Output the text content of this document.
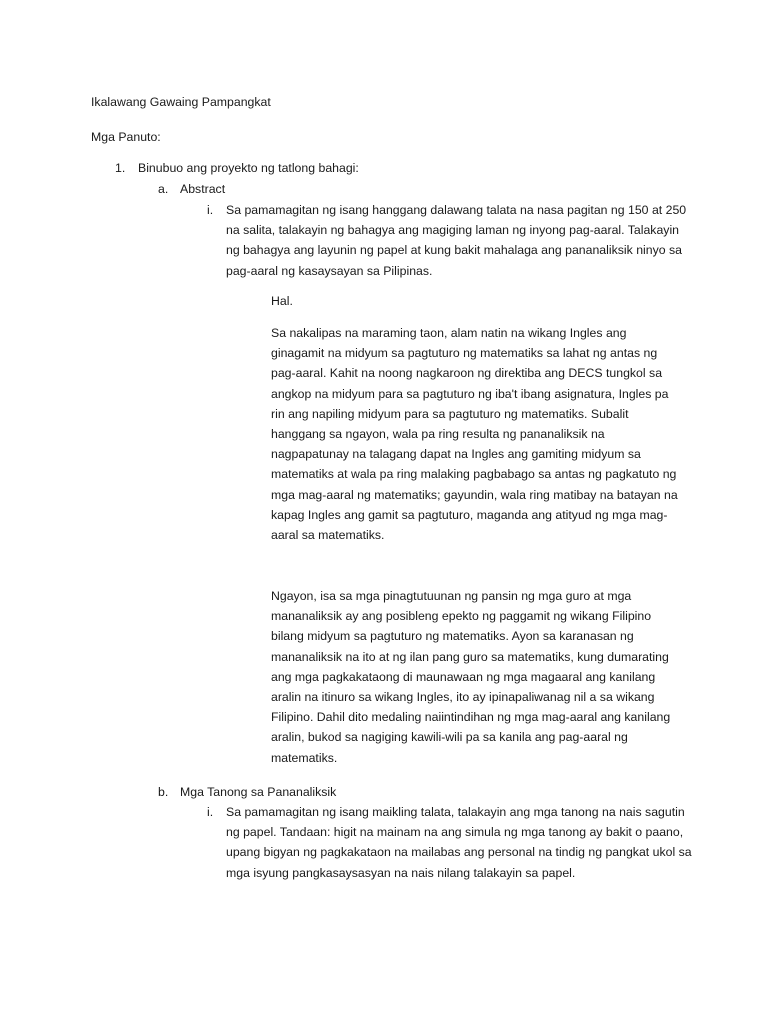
Ikalawang Gawaing Pampangkat
Mga Panuto:
1. Binubuo ang proyekto ng tatlong bahagi:
a. Abstract
i. Sa pamamagitan ng isang hanggang dalawang talata na nasa pagitan ng 150 at 250 na salita, talakayin ng bahagya ang magiging laman ng inyong pag-aaral. Talakayin ng bahagya ang layunin ng papel at kung bakit mahalaga ang pananaliksik ninyo sa pag-aaral ng kasaysayan sa Pilipinas.

Hal.

Sa nakalipas na maraming taon, alam natin na wikang Ingles ang ginagamit na midyum sa pagtuturo ng matematiks sa lahat ng antas ng pag-aaral. Kahit na noong nagkaroon ng direktiba ang DECS tungkol sa angkop na midyum para sa pagtuturo ng iba't ibang asignatura, Ingles pa rin ang napiling midyum para sa pagtuturo ng matematiks. Subalit hanggang sa ngayon, wala pa ring resulta ng pananaliksik na nagpapatunay na talagang dapat na Ingles ang gamiting midyum sa matematiks at wala pa ring malaking pagbabago sa antas ng pagkatuto ng mga mag-aaral ng matematiks; gayundin, wala ring matibay na batayan na kapag Ingles ang gamit sa pagtuturo, maganda ang atityud ng mga mag-aaral sa matematiks.

Ngayon, isa sa mga pinagtutuunan ng pansin ng mga guro at mga mananaliksik ay ang posibleng epekto ng paggamit ng wikang Filipino bilang midyum sa pagtuturo ng matematiks. Ayon sa karanasan ng mananaliksik na ito at ng ilan pang guro sa matematiks, kung dumarating ang mga pagkakataong di maunawaan ng mga magaaral ang kanilang aralin na itinuro sa wikang Ingles, ito ay ipinapaliwanag nil a sa wikang Filipino. Dahil dito medaling naiintindihan ng mga mag-aaral ang kanilang aralin, bukod sa nagiging kawili-wili pa sa kanila ang pag-aaral ng matematiks.

b. Mga Tanong sa Pananaliksik
i. Sa pamamagitan ng isang maikling talata, talakayin ang mga tanong na nais sagutin ng papel. Tandaan: higit na mainam na ang simula ng mga tanong ay bakit o paano, upang bigyan ng pagkakataon na mailabas ang personal na tindig ng pangkat ukol sa mga isyung pangkasaysasyan na nais nilang talakayin sa papel.
